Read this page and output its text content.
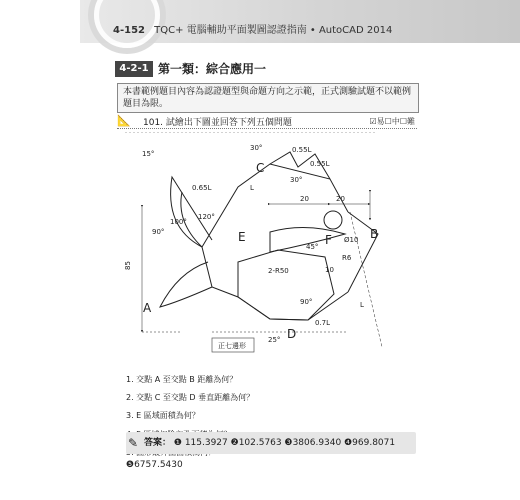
4-152 TQC+ 電腦輔助平面製圖認證指南 • AutoCAD 2014
4-2-1 第一類：綜合應用一
本書範例題目內容為認證題型與命題方向之示範，正式測驗試題不以範例題目為限。
📐 101. 試繪出下圖並回答下列五個問題	☑易☐中☐難
15°
30°	0.55L
0.55L
30°
0.65L
120°
100°
90°
L
20	20
Ø10
R6
45°
85	10
L
2-R50
90°
0.7L
25°
A
B
C
D
E	F
正七邊形
1. 交點 A 至交點 B 距離為何？
2. 交點 C 至交點 D 垂直距離為何？
3. E 區域面積為何？
✎ 答案： ❶ 115.3927 ❷102.5763 ❸3806.9340 ❹969.8071 ❺6757.5430
